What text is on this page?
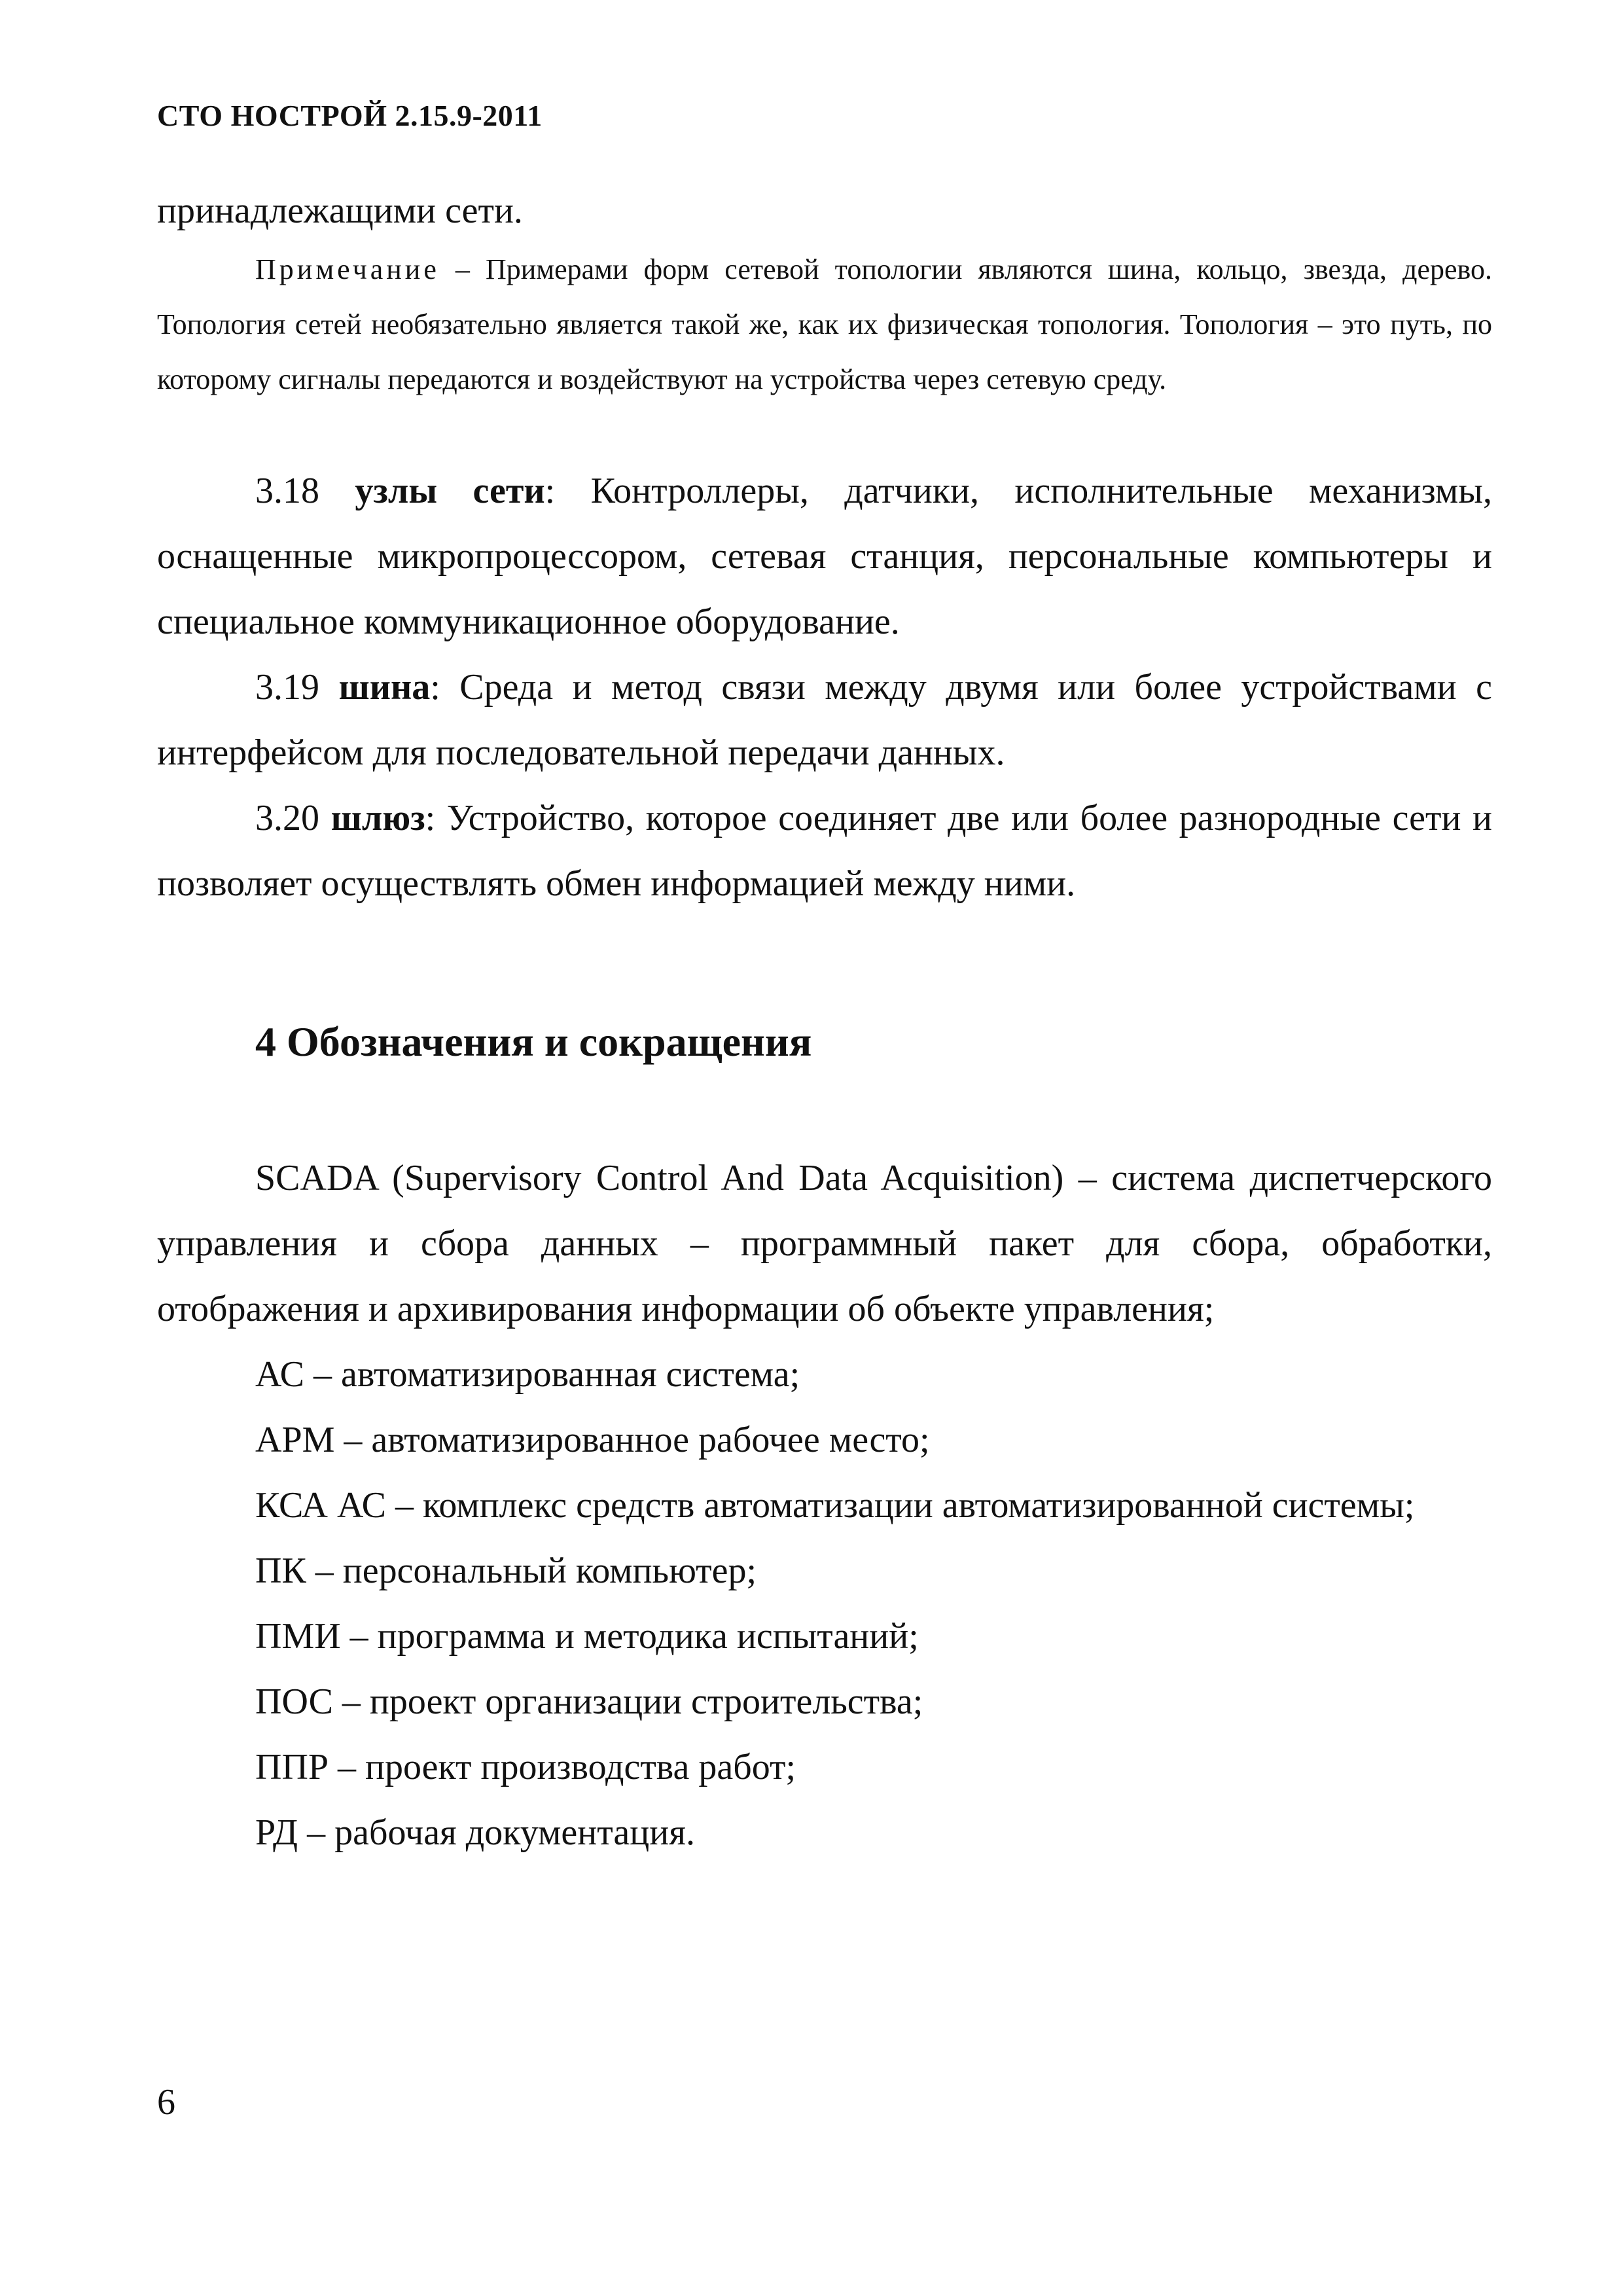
СТО НОСТРОЙ 2.15.9-2011
принадлежащими сети.
Примечание – Примерами форм сетевой топологии являются шина, кольцо, звезда, дерево. Топология сетей необязательно является такой же, как их физическая топология. Топология – это путь, по которому сигналы передаются и воздействуют на устройства через сетевую среду.
3.18 узлы сети: Контроллеры, датчики, исполнительные механизмы, оснащенные микропроцессором, сетевая станция, персональные компьютеры и специальное коммуникационное оборудование.
3.19 шина: Среда и метод связи между двумя или более устройствами с интерфейсом для последовательной передачи данных.
3.20 шлюз: Устройство, которое соединяет две или более разнородные сети и позволяет осуществлять обмен информацией между ними.
4 Обозначения и сокращения
SCADA (Supervisory Control And Data Acquisition) – система диспетчерского управления и сбора данных – программный пакет для сбора, обработки, отображения и архивирования информации об объекте управления;
АС – автоматизированная система;
АРМ – автоматизированное рабочее место;
КСА АС – комплекс средств автоматизации автоматизированной системы;
ПК – персональный компьютер;
ПМИ – программа и методика испытаний;
ПОС – проект организации строительства;
ППР – проект производства работ;
РД – рабочая документация.
6
